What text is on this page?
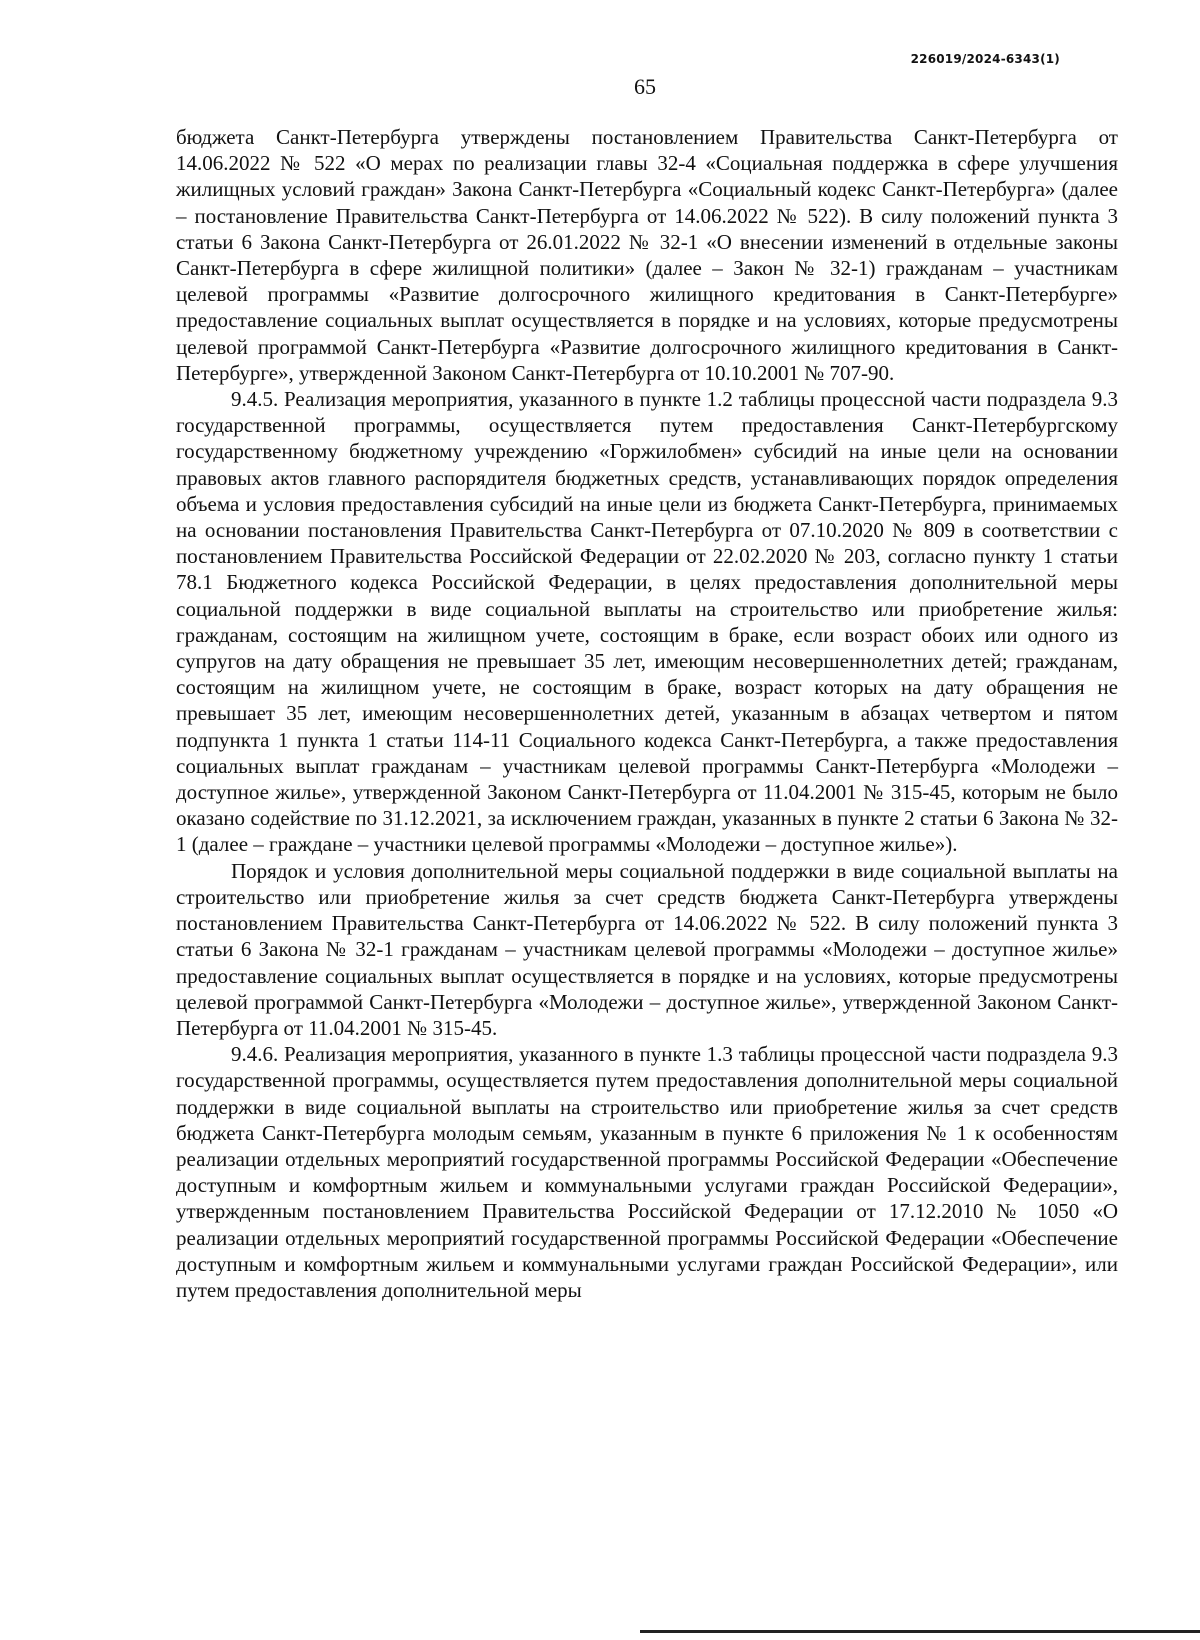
226019/2024-6343(1)
65

бюджета Санкт-Петербурга утверждены постановлением Правительства Санкт-Петербурга от 14.06.2022 № 522 «О мерах по реализации главы 32-4 «Социальная поддержка в сфере улучшения жилищных условий граждан» Закона Санкт-Петербурга «Социальный кодекс Санкт-Петербурга» (далее – постановление Правительства Санкт-Петербурга от 14.06.2022 № 522). В силу положений пункта 3 статьи 6 Закона Санкт-Петербурга от 26.01.2022 № 32-1 «О внесении изменений в отдельные законы Санкт-Петербурга в сфере жилищной политики» (далее – Закон № 32-1) гражданам – участникам целевой программы «Развитие долгосрочного жилищного кредитования в Санкт-Петербурге» предоставление социальных выплат осуществляется в порядке и на условиях, которые предусмотрены целевой программой Санкт-Петербурга «Развитие долгосрочного жилищного кредитования в Санкт-Петербурге», утвержденной Законом Санкт-Петербурга от 10.10.2001 № 707-90.

9.4.5. Реализация мероприятия, указанного в пункте 1.2 таблицы процессной части подраздела 9.3 государственной программы, осуществляется путем предоставления Санкт-Петербургскому государственному бюджетному учреждению «Горжилобмен» субсидий на иные цели на основании правовых актов главного распорядителя бюджетных средств, устанавливающих порядок определения объема и условия предоставления субсидий на иные цели из бюджета Санкт-Петербурга, принимаемых на основании постановления Правительства Санкт-Петербурга от 07.10.2020 № 809 в соответствии с постановлением Правительства Российской Федерации от 22.02.2020 № 203, согласно пункту 1 статьи 78.1 Бюджетного кодекса Российской Федерации, в целях предоставления дополнительной меры социальной поддержки в виде социальной выплаты на строительство или приобретение жилья: гражданам, состоящим на жилищном учете, состоящим в браке, если возраст обоих или одного из супругов на дату обращения не превышает 35 лет, имеющим несовершеннолетних детей; гражданам, состоящим на жилищном учете, не состоящим в браке, возраст которых на дату обращения не превышает 35 лет, имеющим несовершеннолетних детей, указанным в абзацах четвертом и пятом подпункта 1 пункта 1 статьи 114-11 Социального кодекса Санкт-Петербурга, а также предоставления социальных выплат гражданам – участникам целевой программы Санкт-Петербурга «Молодежи – доступное жилье», утвержденной Законом Санкт-Петербурга от 11.04.2001 № 315-45, которым не было оказано содействие по 31.12.2021, за исключением граждан, указанных в пункте 2 статьи 6 Закона № 32-1 (далее – граждане – участники целевой программы «Молодежи – доступное жилье»).

Порядок и условия дополнительной меры социальной поддержки в виде социальной выплаты на строительство или приобретение жилья за счет средств бюджета Санкт-Петербурга утверждены постановлением Правительства Санкт-Петербурга от 14.06.2022 № 522. В силу положений пункта 3 статьи 6 Закона № 32-1 гражданам – участникам целевой программы «Молодежи – доступное жилье» предоставление социальных выплат осуществляется в порядке и на условиях, которые предусмотрены целевой программой Санкт-Петербурга «Молодежи – доступное жилье», утвержденной Законом Санкт-Петербурга от 11.04.2001 № 315-45.

9.4.6. Реализация мероприятия, указанного в пункте 1.3 таблицы процессной части подраздела 9.3 государственной программы, осуществляется путем предоставления дополнительной меры социальной поддержки в виде социальной выплаты на строительство или приобретение жилья за счет средств бюджета Санкт-Петербурга молодым семьям, указанным в пункте 6 приложения № 1 к особенностям реализации отдельных мероприятий государственной программы Российской Федерации «Обеспечение доступным и комфортным жильем и коммунальными услугами граждан Российской Федерации», утвержденным постановлением Правительства Российской Федерации от 17.12.2010 № 1050 «О реализации отдельных мероприятий государственной программы Российской Федерации «Обеспечение доступным и комфортным жильем и коммунальными услугами граждан Российской Федерации», или путем предоставления дополнительной меры
